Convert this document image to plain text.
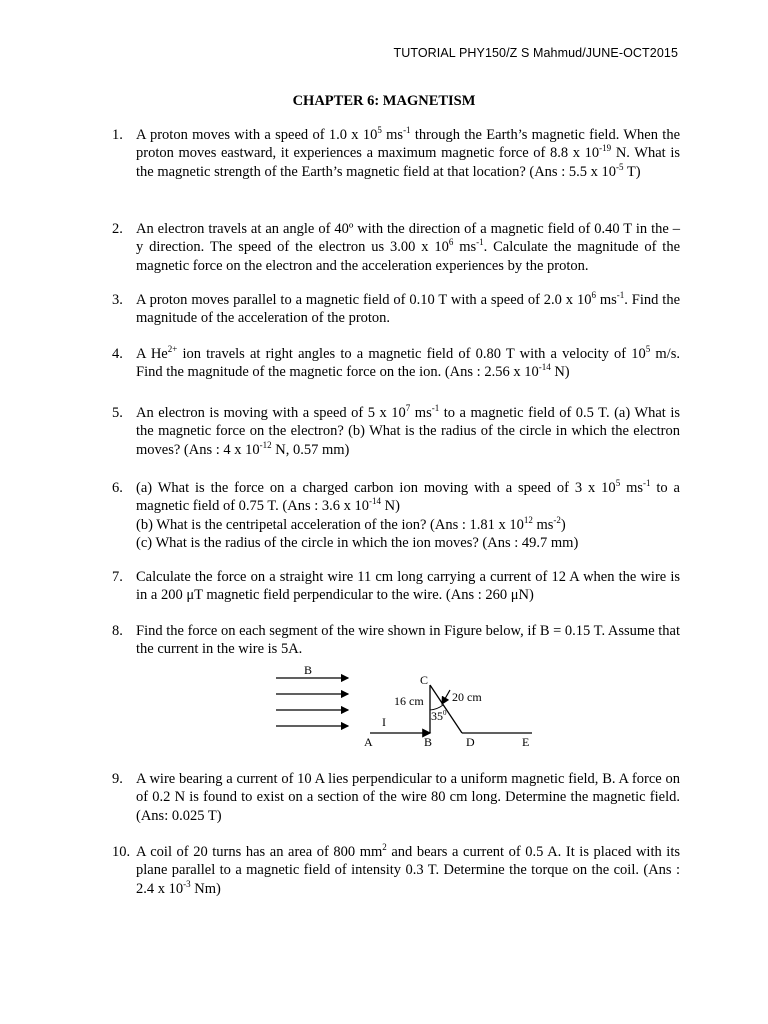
TUTORIAL PHY150/Z S Mahmud/JUNE-OCT2015
CHAPTER 6: MAGNETISM
1. A proton moves with a speed of 1.0 x $10^5$ $ms^{-1}$ through the Earth’s magnetic field. When the proton moves eastward, it experiences a maximum magnetic force of 8.8 x $10^{-19}$ N. What is the magnetic strength of the Earth’s magnetic field at that location? (Ans : 5.5 x $10^{-5}$ T)
2. An electron travels at an angle of 40º with the direction of a magnetic field of 0.40 T in the –y direction. The speed of the electron us 3.00 x $10^6$ $ms^{-1}$. Calculate the magnitude of the magnetic force on the electron and the acceleration experiences by the proton.
3. A proton moves parallel to a magnetic field of 0.10 T with a speed of 2.0 x $10^6$ $ms^{-1}$. Find the magnitude of the acceleration of the proton.
4. A $He^{2+}$ ion travels at right angles to a magnetic field of 0.80 T with a velocity of $10^5$ m/s. Find the magnitude of the magnetic force on the ion. (Ans : 2.56 x $10^{-14}$ N)
5. An electron is moving with a speed of 5 x $10^7$ $ms^{-1}$ to a magnetic field of 0.5 T. (a) What is the magnetic force on the electron? (b) What is the radius of the circle in which the electron moves? (Ans : 4 x $10^{-12}$ N, 0.57 mm)
6. (a) What is the force on a charged carbon ion moving with a speed of 3 x $10^5$ $ms^{-1}$ to a magnetic field of 0.75 T. (Ans : 3.6 x $10^{-14}$ N)
(b) What is the centripetal acceleration of the ion? (Ans : 1.81 x $10^{12}$ $ms^{-2}$)
(c) What is the radius of the circle in which the ion moves? (Ans : 49.7 mm)
7. Calculate the force on a straight wire 11 cm long carrying a current of 12 A when the wire is in a 200 μT magnetic field perpendicular to the wire. (Ans : 260 μN)
8. Find the force on each segment of the wire shown in Figure below, if B = 0.15 T. Assume that the current in the wire is 5A.
9. A wire bearing a current of 10 A lies perpendicular to a uniform magnetic field, B. A force on of 0.2 N is found to exist on a section of the wire 80 cm long. Determine the magnetic field. (Ans: 0.025 T)
10. A coil of 20 turns has an area of 800 $mm^2$ and bears a current of 0.5 A. It is placed with its plane parallel to a magnetic field of intensity 0.3 T. Determine the torque on the coil. (Ans : 2.4 x $10^{-3}$ Nm)
B
C
16 cm 20 cm
$35^0$
I
A	B	D	E
